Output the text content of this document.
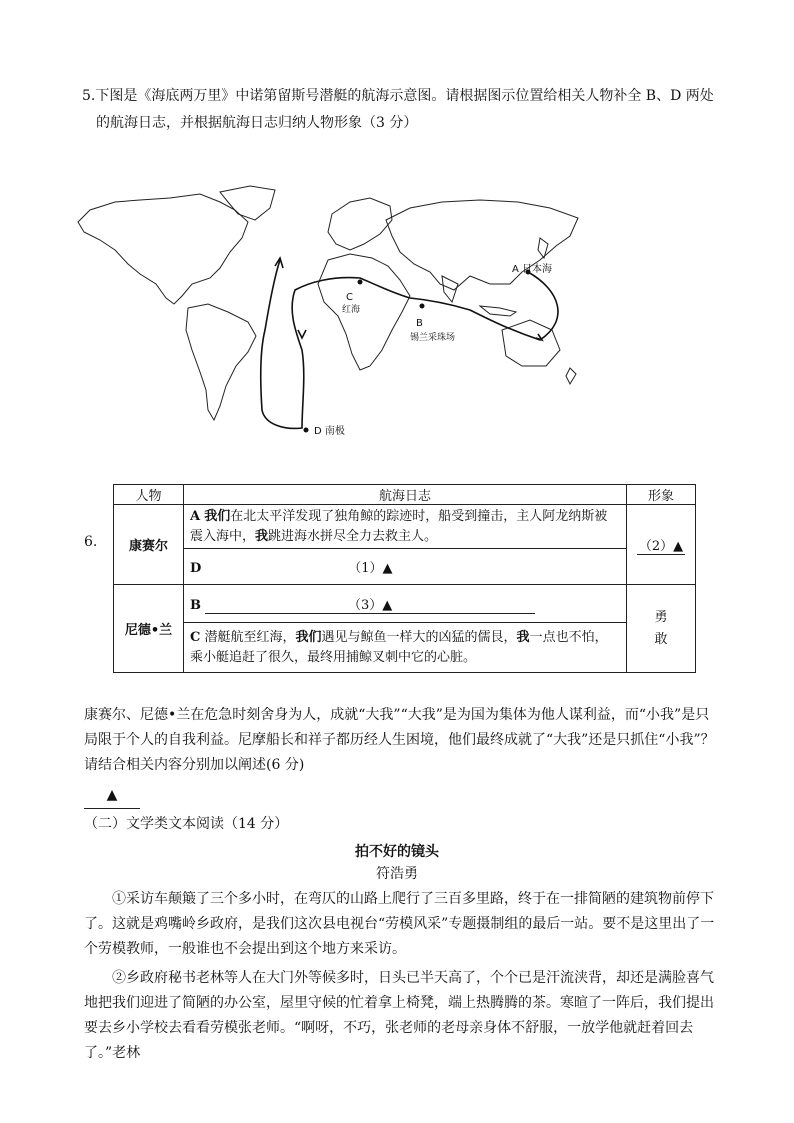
5.下图是《海底两万里》中诺第留斯号潜艇的航海示意图。请根据图示位置给相关人物补全 B、D 两处
的航海日志，并根据航海日志归纳人物形象（3 分）
A 日本海
B
锡兰采珠场
C
红海
D 南极
6.
人物	航海日志	形象
康赛尔	A 我们在北太平洋发现了独角鲸的踪迹时，船受到撞击，主人阿龙纳斯被震入海中，我跳进海水拼尽全力去救主人。	（2）▲
	D （1）▲	
尼德•兰	B （3）▲	勇敢
	C 潜艇航至红海，我们遇见与鲸鱼一样大的凶猛的儒艮，我一点也不怕，乘小艇追赶了很久，最终用捕鲸叉刺中它的心脏。	
康赛尔、尼德•兰在危急时刻舍身为人，成就“大我”“大我”是为国为集体为他人谋利益，而“小我”是只局限于个人的自我利益。尼摩船长和祥子都历经人生困境，他们最终成就了“大我”还是只抓住“小我”？请结合相关内容分别加以阐述(6 分)
▲
（二）文学类文本阅读（14 分）
拍不好的镜头
符浩勇
①采访车颠簸了三个多小时，在弯仄的山路上爬行了三百多里路，终于在一排简陋的建筑物前停下了。这就是鸡嘴岭乡政府，是我们这次县电视台“劳模风采”专题摄制组的最后一站。要不是这里出了一个劳模教师，一般谁也不会提出到这个地方来采访。
②乡政府秘书老林等人在大门外等候多时，日头已半天高了，个个已是汗流浃背，却还是满脸喜气地把我们迎进了简陋的办公室，屋里守候的忙着拿上椅凳，端上热腾腾的茶。寒暄了一阵后，我们提出要去乡小学校去看看劳模张老师。“啊呀，不巧，张老师的老母亲身体不舒服，一放学他就赶着回去了。”老林
